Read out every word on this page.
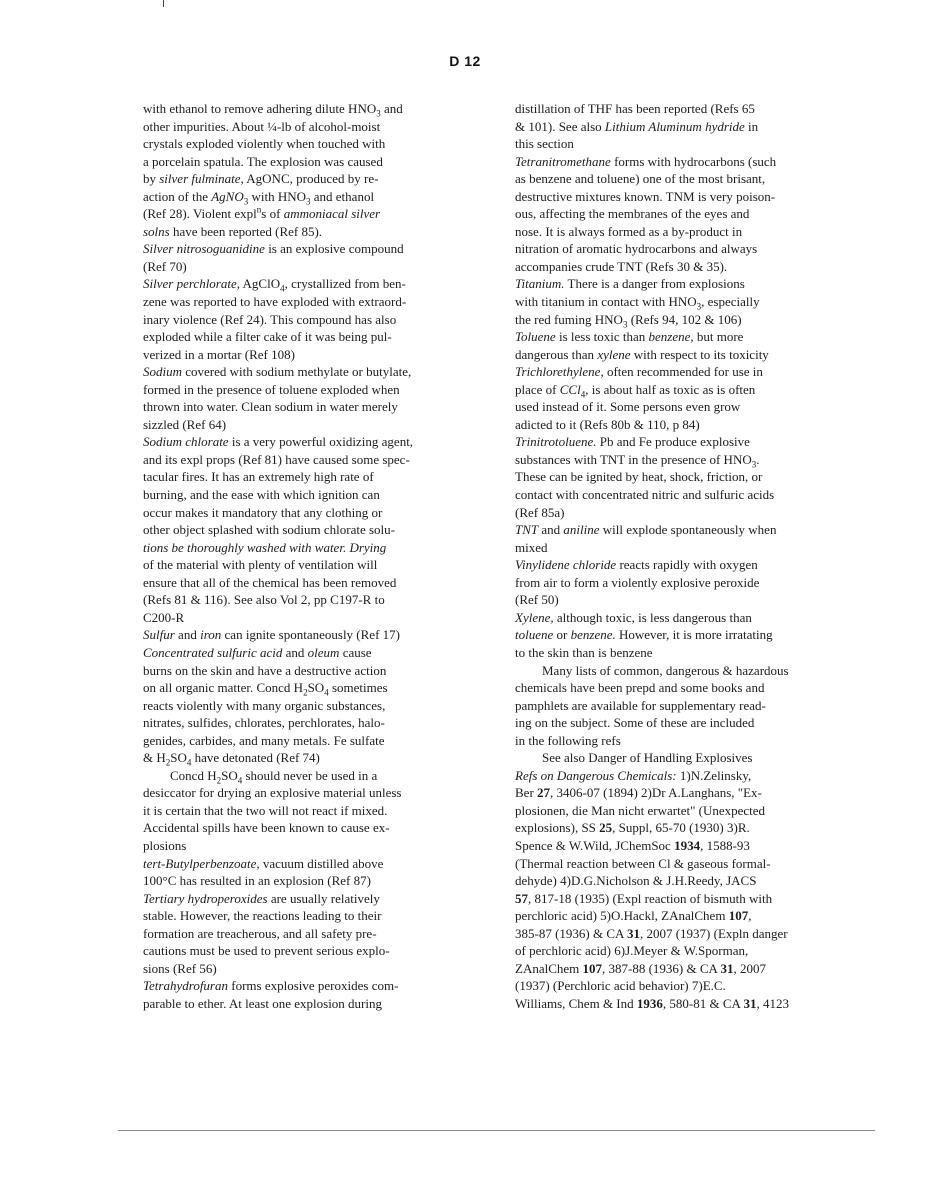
D 12
with ethanol to remove adhering dilute $HNO_3$ and
other impurities. About ¼-lb of alcohol-moist
crystals exploded violently when touched with
a porcelain spatula. The explosion was caused
by silver fulminate, AgONC, produced by re-
action of the AgNO$_3$ with $HNO_3$ and ethanol
(Ref 28). Violent expl$^n$s of ammoniacal silver
solns have been reported (Ref 85).
Silver nitrosoguanidine is an explosive compound
(Ref 70)
Silver perchlorate, AgClO$_4$, crystallized from ben-
zene was reported to have exploded with extraord-
inary violence (Ref 24). This compound has also
exploded while a filter cake of it was being pul-
verized in a mortar (Ref 108)
Sodium covered with sodium methylate or butylate,
formed in the presence of toluene exploded when
thrown into water. Clean sodium in water merely
sizzled (Ref 64)
Sodium chlorate is a very powerful oxidizing agent,
and its expl props (Ref 81) have caused some spec-
tacular fires. It has an extremely high rate of
burning, and the ease with which ignition can
occur makes it mandatory that any clothing or
other object splashed with sodium chlorate solu-
tions be thoroughly washed with water. Drying
of the material with plenty of ventilation will
ensure that all of the chemical has been removed
(Refs 81 & 116). See also Vol 2, pp C197-R to
C200-R
Sulfur and iron can ignite spontaneously (Ref 17)
Concentrated sulfuric acid and oleum cause
burns on the skin and have a destructive action
on all organic matter. Concd $H_2SO_4$ sometimes
reacts violently with many organic substances,
nitrates, sulfides, chlorates, perchlorates, halo-
genides, carbides, and many metals. Fe sulfate
& $H_2SO_4$ have detonated (Ref 74)
Concd $H_2SO_4$ should never be used in a
desiccator for drying an explosive material unless
it is certain that the two will not react if mixed.
Accidental spills have been known to cause ex-
plosions
tert-Butylperbenzoate, vacuum distilled above
100°C has resulted in an explosion (Ref 87)
Tertiary hydroperoxides are usually relatively
stable. However, the reactions leading to their
formation are treacherous, and all safety pre-
cautions must be used to prevent serious explo-
sions (Ref 56)
Tetrahydrofuran forms explosive peroxides com-
parable to ether. At least one explosion during
distillation of THF has been reported (Refs 65
& 101). See also Lithium Aluminum hydride in
this section
Tetranitromethane forms with hydrocarbons (such
as benzene and toluene) one of the most brisant,
destructive mixtures known. TNM is very poison-
ous, affecting the membranes of the eyes and
nose. It is always formed as a by-product in
nitration of aromatic hydrocarbons and always
accompanies crude TNT (Refs 30 & 35).
Titanium. There is a danger from explosions
with titanium in contact with $HNO_3$, especially
the red fuming $HNO_3$ (Refs 94, 102 & 106)
Toluene is less toxic than benzene, but more
dangerous than xylene with respect to its toxicity
Trichlorethylene, often recommended for use in
place of CCl$_4$, is about half as toxic as is often
used instead of it. Some persons even grow
adicted to it (Refs 80b & 110, p 84)
Trinitrotoluene. Pb and Fe produce explosive
substances with TNT in the presence of $HNO_3$.
These can be ignited by heat, shock, friction, or
contact with concentrated nitric and sulfuric acids
(Ref 85a)
TNT and aniline will explode spontaneously when
mixed
Vinylidene chloride reacts rapidly with oxygen
from air to form a violently explosive peroxide
(Ref 50)
Xylene, although toxic, is less dangerous than
toluene or benzene. However, it is more irratating
to the skin than is benzene
Many lists of common, dangerous & hazardous
chemicals have been prepd and some books and
pamphlets are available for supplementary read-
ing on the subject. Some of these are included
in the following refs
See also Danger of Handling Explosives
Refs on Dangerous Chemicals: 1)N.Zelinsky,
Ber 27, 3406-07 (1894) 2)Dr A.Langhans, "Ex-
plosionen, die Man nicht erwartet" (Unexpected
explosions), SS 25, Suppl, 65-70 (1930) 3)R.
Spence & W.Wild, JChemSoc 1934, 1588-93
(Thermal reaction between Cl & gaseous formal-
dehyde) 4)D.G.Nicholson & J.H.Reedy, JACS
57, 817-18 (1935) (Expl reaction of bismuth with
perchloric acid) 5)O.Hackl, ZAnalChem 107,
385-87 (1936) & CA 31, 2007 (1937) (Expln danger
of perchloric acid) 6)J.Meyer & W.Sporman,
ZAnalChem 107, 387-88 (1936) & CA 31, 2007
(1937) (Perchloric acid behavior) 7)E.C.
Williams, Chem & Ind 1936, 580-81 & CA 31, 4123
